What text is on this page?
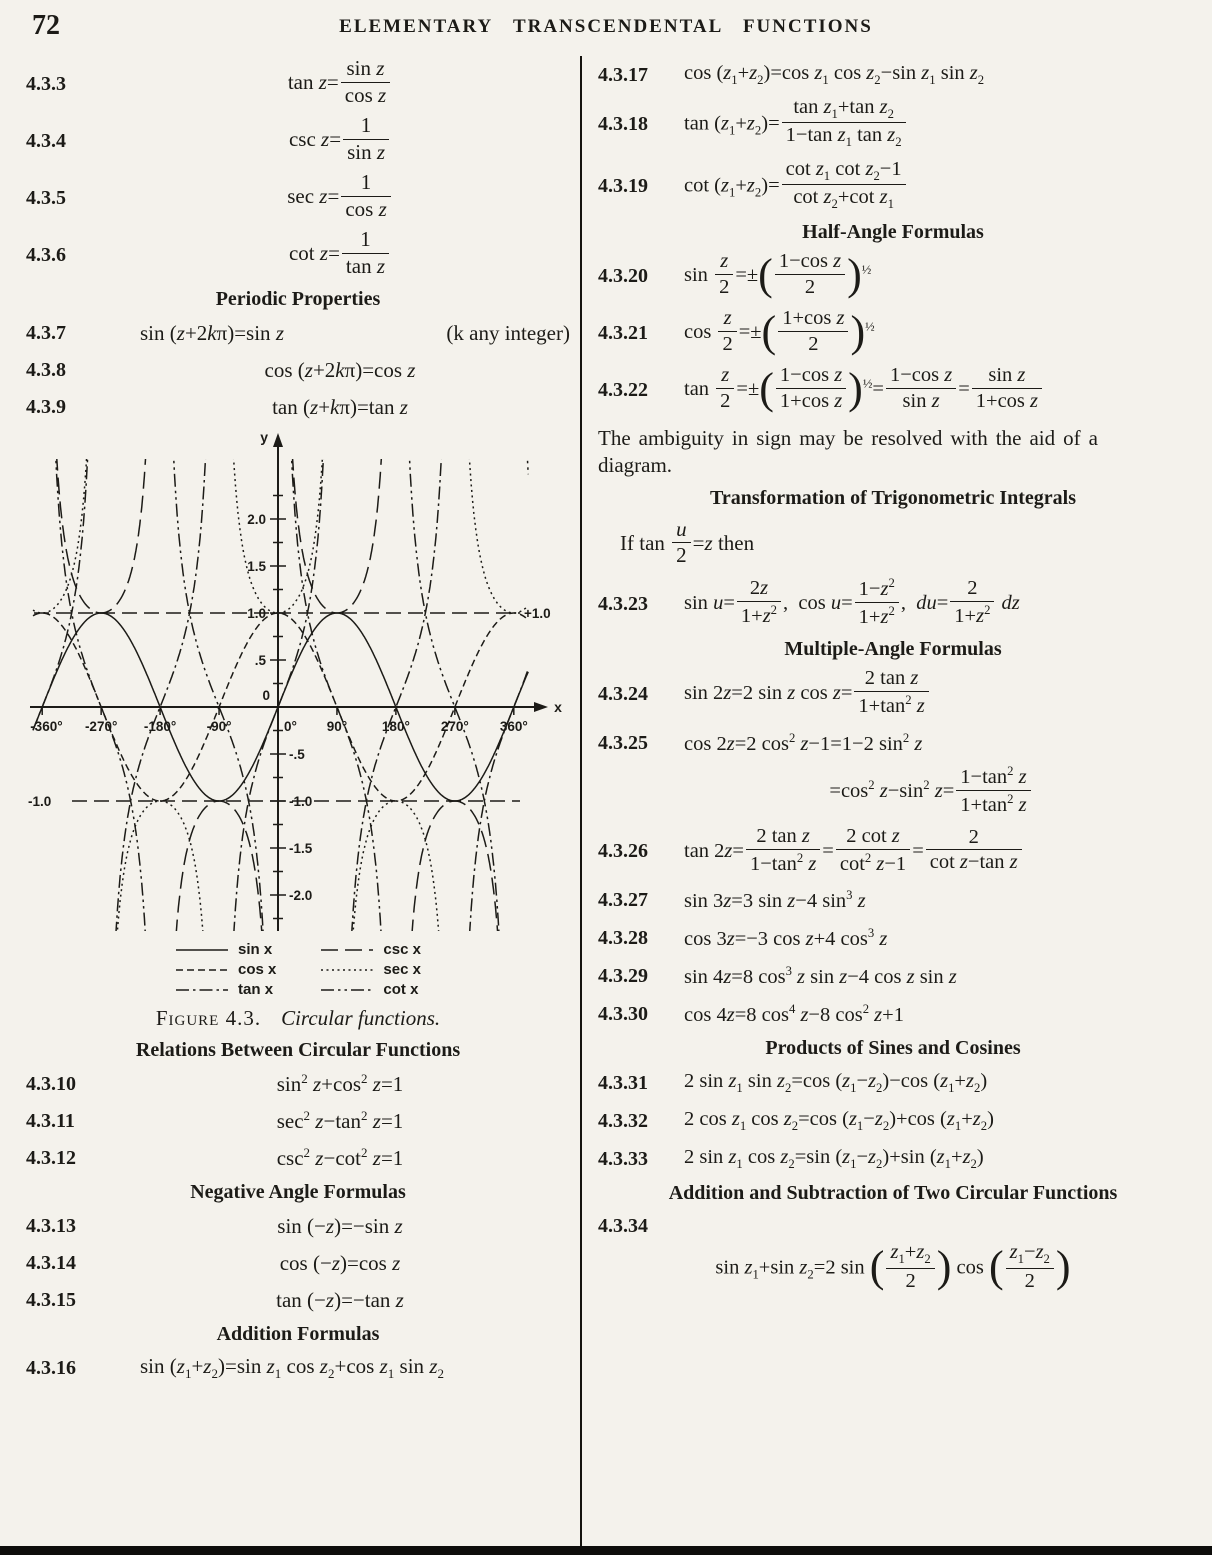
72	ELEMENTARY TRANSCENDENTAL FUNCTIONS
4.3.3	$\tan z= \frac{\text{sin z}}{\text{cos z}}$
4.3.4	$\csc z= \frac{1}{\text{sin z}}$
4.3.5	$\sec z= \frac{1}{\text{cos z}}$
4.3.6	$\cot z= \frac{1}{\text{tan z}}$
Periodic Properties
4.3.7	sin (z+2kπ)=sin z	(k any integer)
4.3.8	cos (z+2kπ)=cos z
4.3.9	tan (z+kπ)=tan z
+1.0
-1.0
x
y
2.0
1.5
1.0
.5
0
-.5
-1.0
-1.5
-2.0
-360° -270° -180° -90°	0° 90°	180° 270° 360°
sin x
cos x
tan x
csc x
sec x
cot x
Figure 4.3. Circular functions.
Relations Between Circular Functions
4.3.10	$\sin^2 z+\cos^2$ z=1
4.3.11	$\sec^2 z-\tan^2$ z=1
4.3.12	$\csc^2 z-\cot^2$ z=1
Negative Angle Formulas
4.3.13	sin (−z)=−sin z
4.3.14	cos (−z)=cos z
4.3.15	tan (−z)=−tan z
Addition Formulas
4.3.16	$\sin (z_1+z_2)=\sin$ $z_1$ $\cos z_2+\cos$ $z_1$ $\sin z_2$
4.3.17	$\cos (z_1+z_2)=\cos$ $z_1$ $\cos z_2-\sin$ $z_1$ $\sin z_2$
4.3.18	$\tan (z_1+z_2)= \frac{\tan z_1+\tan z_2}{1-\tan z_1 \tan z_2}$
4.3.19	$\cot (z_1+z_2)= \frac{\cot z_1 \cot z_2-1}{\cot z_2+\cot z_1}$
Half-Angle Formulas
4.3.20	$\sin \frac{z}{2}$ =±( $\frac{\text{1−cos z}}{2} )^{\frac{1}{2}}$
4.3.21	$\cos \frac{z}{2}$ =±( $\frac{\text{1+cos z}}{2} )^{\frac{1}{2}}$
4.3.22	$\tan \frac{z}{2}$ =±( $\frac{\text{1−cos z}}{\text{1+cos z}} )^{\frac{1}{2}}= \frac{\text{1−cos z}}{\text{sin z}} = \frac{\text{sin z}}{\text{1+cos z}}$
The ambiguity in sign may be resolved with the aid of a diagram.
Transformation of Trigonometric Integrals
If $\tan \frac{u}{2} =z$ then
4.3.23	$\sin u= \frac{2z}{1+z^2}$ , $\cos u= \frac{1-z^2}{1+z^2}$ , $du= \frac{2}{1+z^2}$ dz
Multiple-Angle Formulas
4.3.24	sin 2z=2 sin z $\cos z= \frac{\text{2 tan z}}{1+\tan^2 z}$
4.3.25	cos 2z=2 $\cos^2 z-1=1-2$ $\sin^2 z$
$=\cos^2$ $z-\sin^2$ $z= \frac{1-\tan^2 z}{1+\tan^2 z}$
4.3.26	$\tan 2z= \frac{\text{2 tan z}}{1-\tan^2 z} = \frac{\text{2 cot z}}{\cot^2 z-1} = \frac{2}{\text{cot z−tan z}}$
4.3.27	sin 3z=3 sin z−4 $\sin^3 z$
4.3.28	cos 3z=−3 cos z+4 $\cos^3 z$
4.3.29	sin 4z=8 $\cos^3 z$ sin z−4 cos z sin z
4.3.30	cos 4z=8 $\cos^4 z-8$ $\cos^2 z+1$
Products of Sines and Cosines
4.3.31	2 $\sin z_1$ $\sin z_2=\cos$ $(z_1-z_2)-\cos$ $(z_1+z_2)$
4.3.32	2 $\cos z_1$ $\cos z_2=\cos$ $(z_1-z_2)+\cos$ $(z_1+z_2)$
4.3.33	2 $\sin z_1$ $\cos z_2=\sin$ $(z_1-z_2)+\sin$ $(z_1+z_2)$
Addition and Subtraction of Two Circular Functions
4.3.34
$\sin z_1+\sin$ $z_2=2$ sin ( $\frac{z_1+z_2}{2}$ ) cos ( $\frac{z_1-z_2}{2}$ )
